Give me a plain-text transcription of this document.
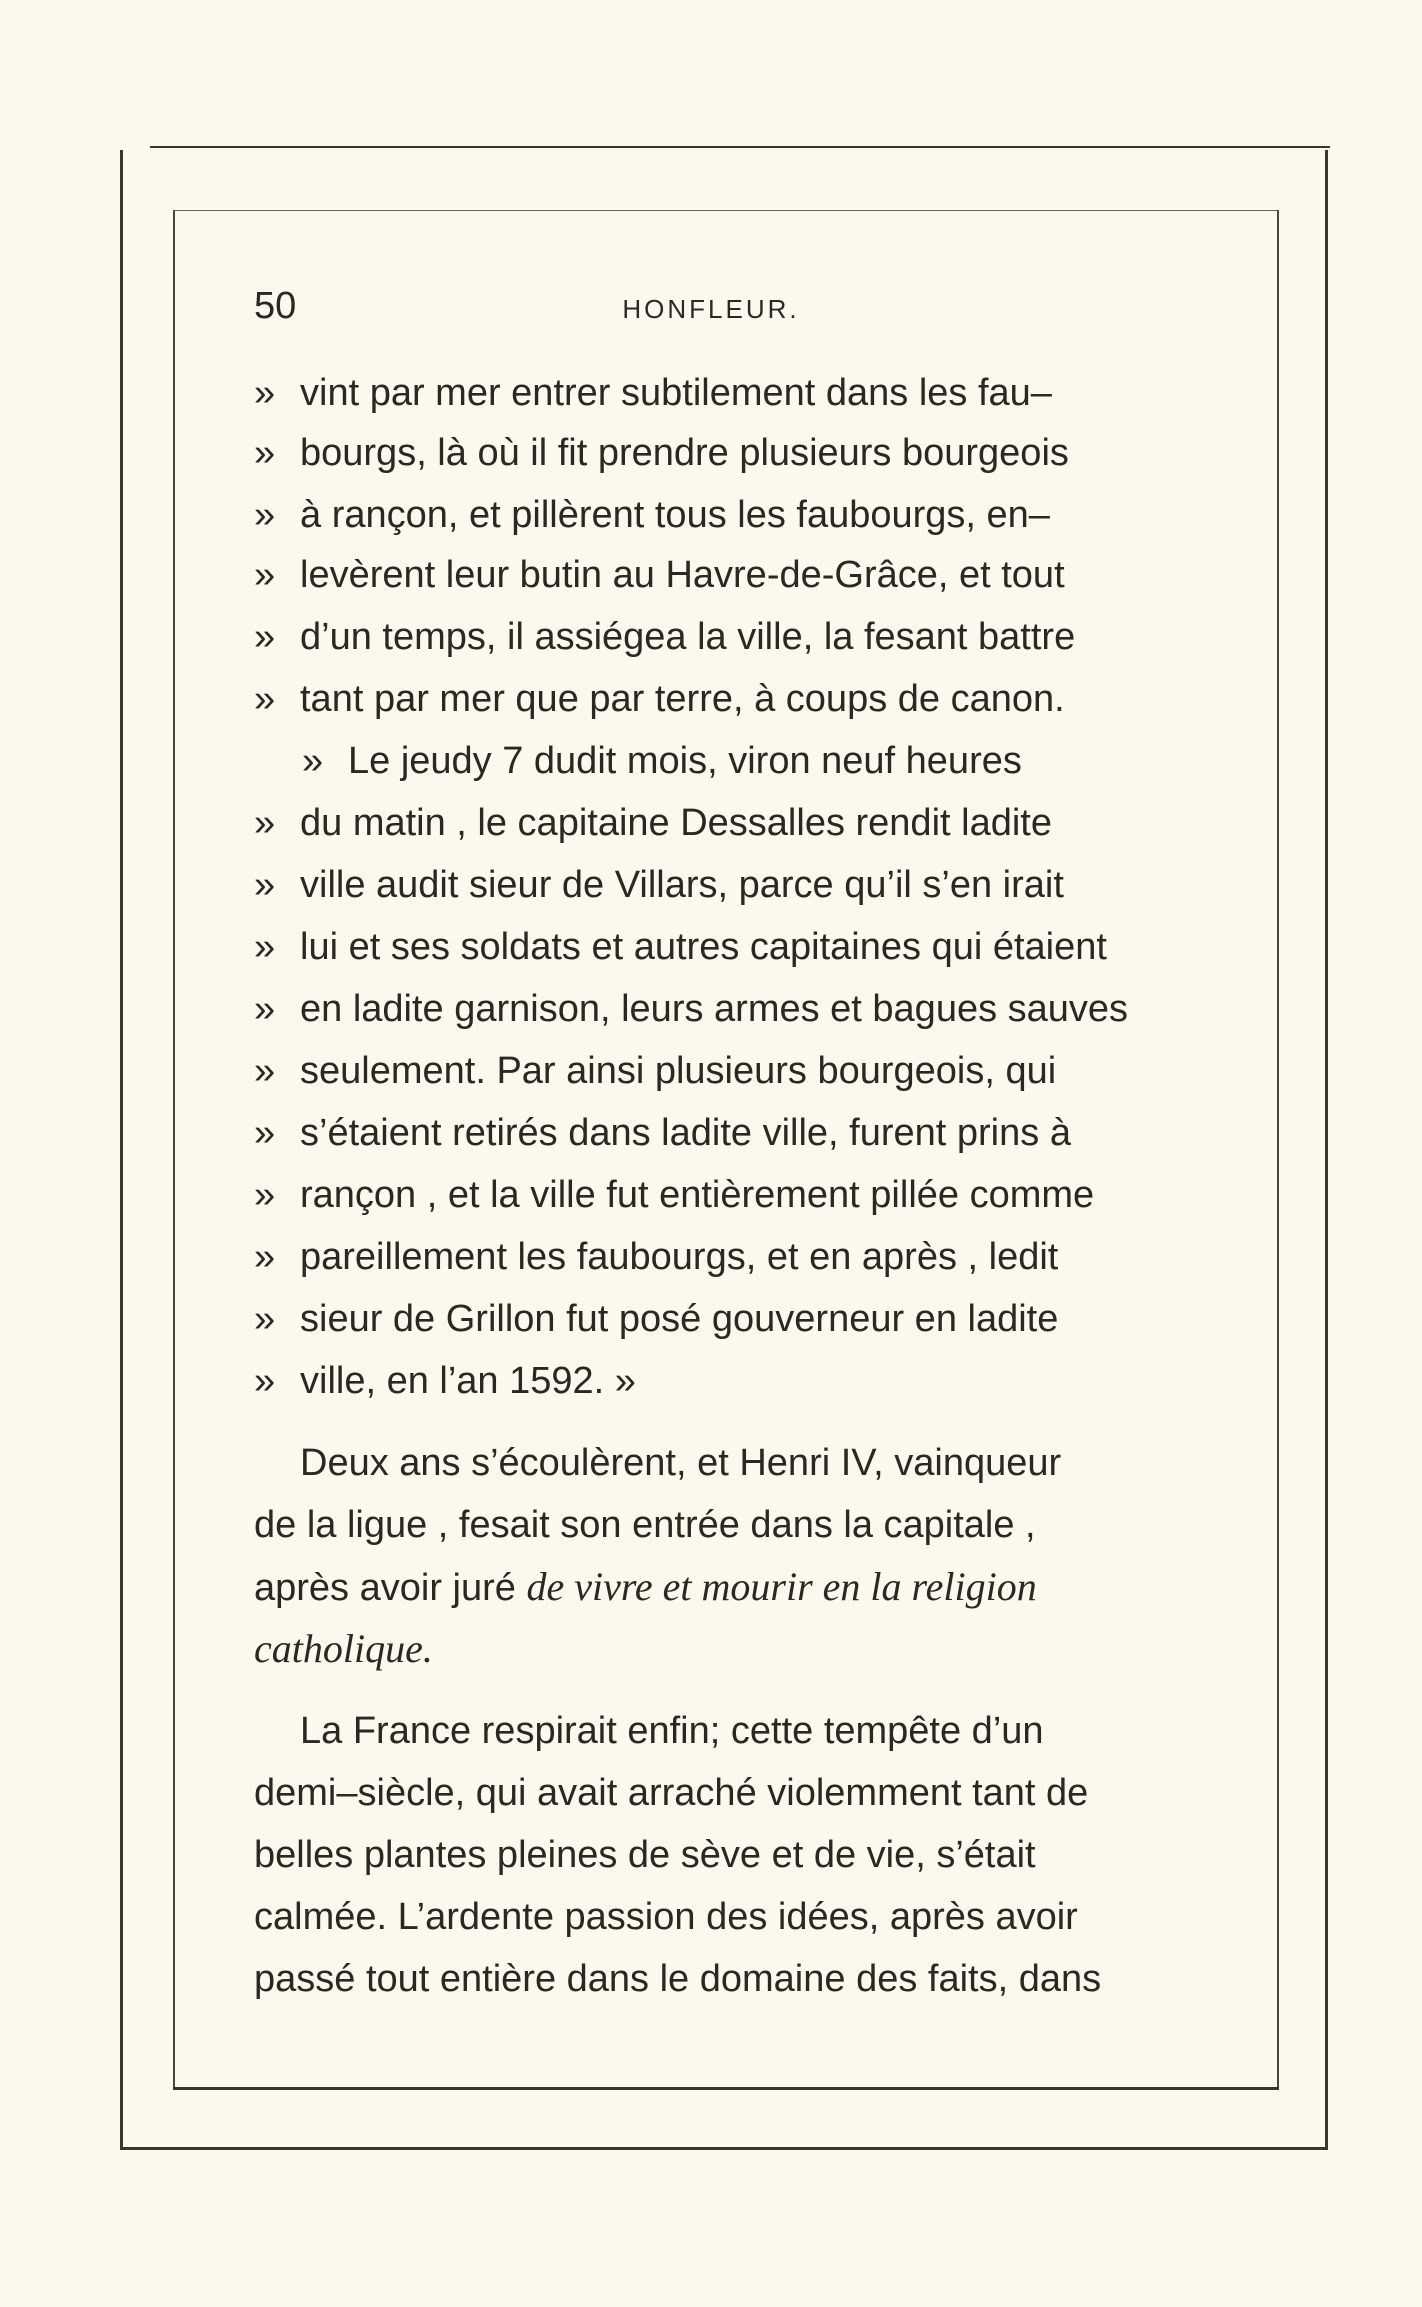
50	HONFLEUR.
» vint par mer entrer subtilement dans les fau–
» bourgs, là où il fit prendre plusieurs bourgeois
» à rançon, et pillèrent tous les faubourgs, en–
» levèrent leur butin au Havre-de-Grâce, et tout
» d’un temps, il assiégea la ville, la fesant battre
» tant par mer que par terre, à coups de canon.
» Le jeudy 7 dudit mois, viron neuf heures
» du matin , le capitaine Dessalles rendit ladite
» ville audit sieur de Villars, parce qu’il s’en irait
» lui et ses soldats et autres capitaines qui étaient
» en ladite garnison, leurs armes et bagues sauves
» seulement. Par ainsi plusieurs bourgeois, qui
» s’étaient retirés dans ladite ville, furent prins à
» rançon , et la ville fut entièrement pillée comme
» pareillement les faubourgs, et en après , ledit
» sieur de Grillon fut posé gouverneur en ladite
» ville, en l’an 1592. »
Deux ans s’écoulèrent, et Henri IV, vainqueur
de la ligue , fesait son entrée dans la capitale ,
après avoir juré de vivre et mourir en la religion
catholique.
La France respirait enfin; cette tempête d’un
demi–siècle, qui avait arraché violemment tant de
belles plantes pleines de sève et de vie, s’était
calmée. L’ardente passion des idées, après avoir
passé tout entière dans le domaine des faits, dans
